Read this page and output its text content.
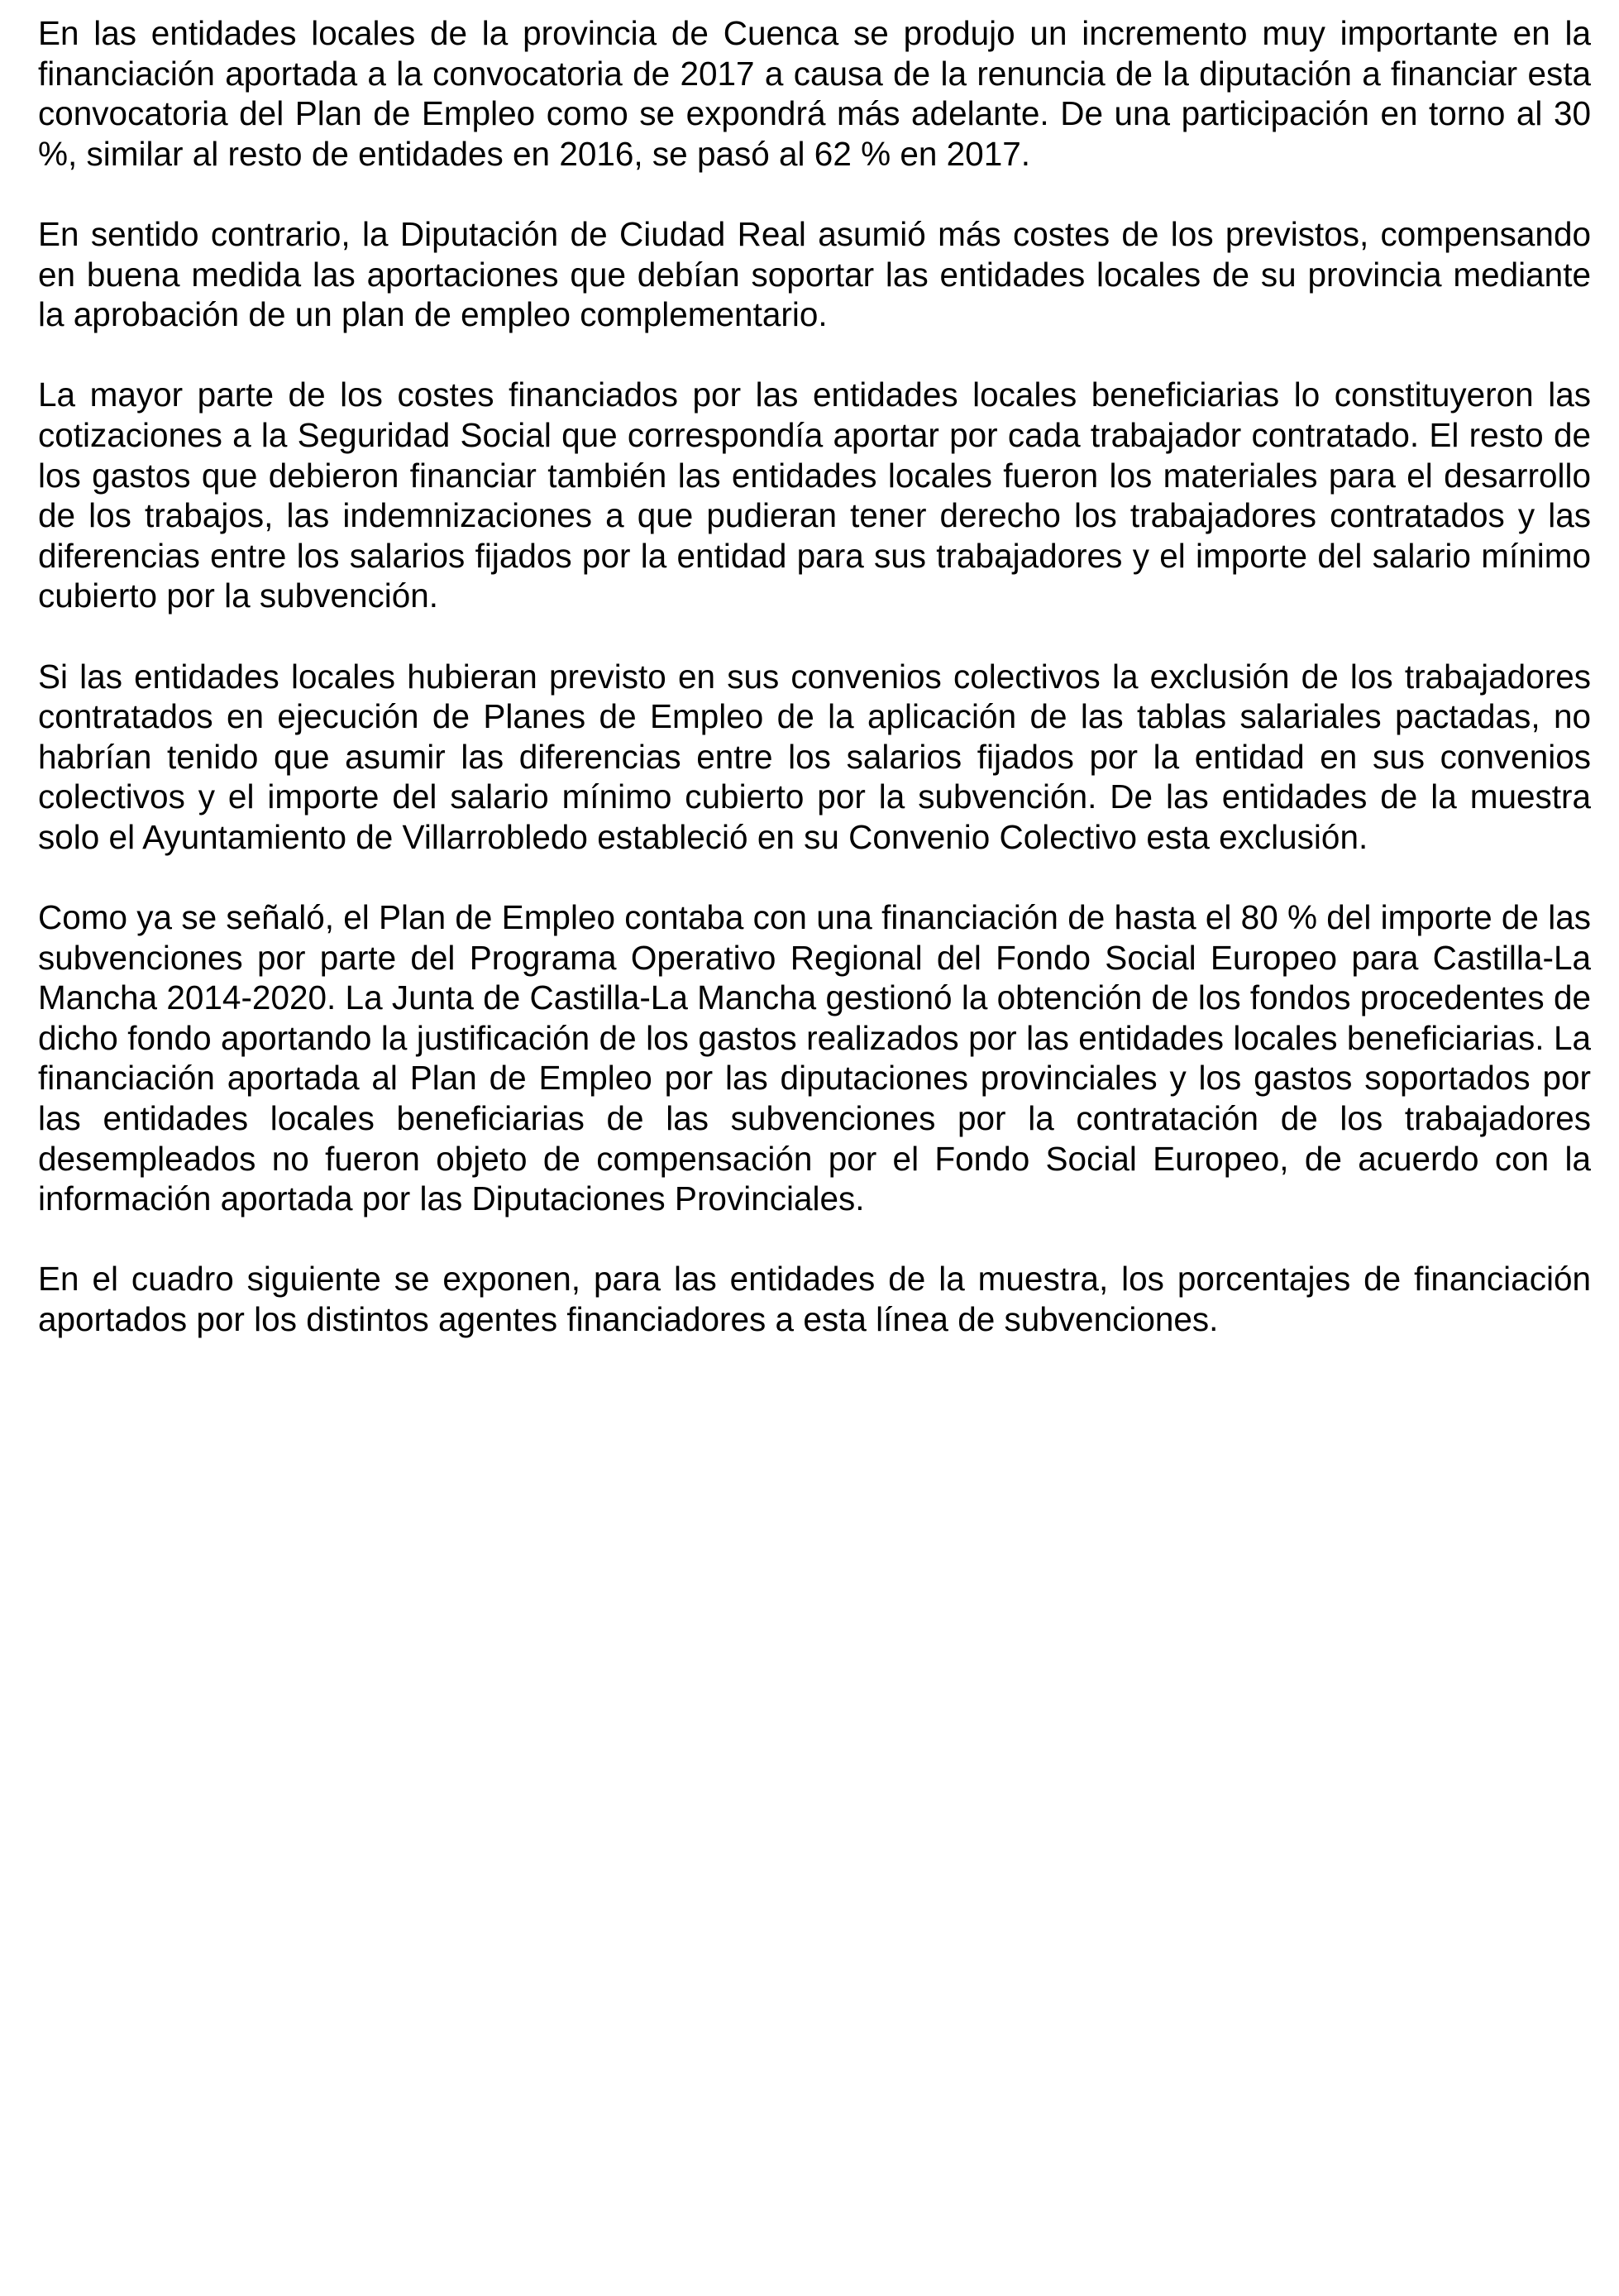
En las entidades locales de la provincia de Cuenca se produjo un incremento muy importante en la financiación aportada a la convocatoria de 2017 a causa de la renuncia de la diputación a financiar esta convocatoria del Plan de Empleo como se expondrá más adelante. De una participación en torno al 30 %, similar al resto de entidades en 2016, se pasó al 62 % en 2017.

En sentido contrario, la Diputación de Ciudad Real asumió más costes de los previstos, compensando en buena medida las aportaciones que debían soportar las entidades locales de su provincia mediante la aprobación de un plan de empleo complementario.

La mayor parte de los costes financiados por las entidades locales beneficiarias lo constituyeron las cotizaciones a la Seguridad Social que correspondía aportar por cada trabajador contratado. El resto de los gastos que debieron financiar también las entidades locales fueron los materiales para el desarrollo de los trabajos, las indemnizaciones a que pudieran tener derecho los trabajadores contratados y las diferencias entre los salarios fijados por la entidad para sus trabajadores y el importe del salario mínimo cubierto por la subvención.

Si las entidades locales hubieran previsto en sus convenios colectivos la exclusión de los trabajadores contratados en ejecución de Planes de Empleo de la aplicación de las tablas salariales pactadas, no habrían tenido que asumir las diferencias entre los salarios fijados por la entidad en sus convenios colectivos y el importe del salario mínimo cubierto por la subvención. De las entidades de la muestra solo el Ayuntamiento de Villarrobledo estableció en su Convenio Colectivo esta exclusión.

Como ya se señaló, el Plan de Empleo contaba con una financiación de hasta el 80 % del importe de las subvenciones por parte del Programa Operativo Regional del Fondo Social Europeo para Castilla-La Mancha 2014-2020. La Junta de Castilla-La Mancha gestionó la obtención de los fondos procedentes de dicho fondo aportando la justificación de los gastos realizados por las entidades locales beneficiarias. La financiación aportada al Plan de Empleo por las diputaciones provinciales y los gastos soportados por las entidades locales beneficiarias de las subvenciones por la contratación de los trabajadores desempleados no fueron objeto de compensación por el Fondo Social Europeo, de acuerdo con la información aportada por las Diputaciones Provinciales.

En el cuadro siguiente se exponen, para las entidades de la muestra, los porcentajes de financiación aportados por los distintos agentes financiadores a esta línea de subvenciones.
